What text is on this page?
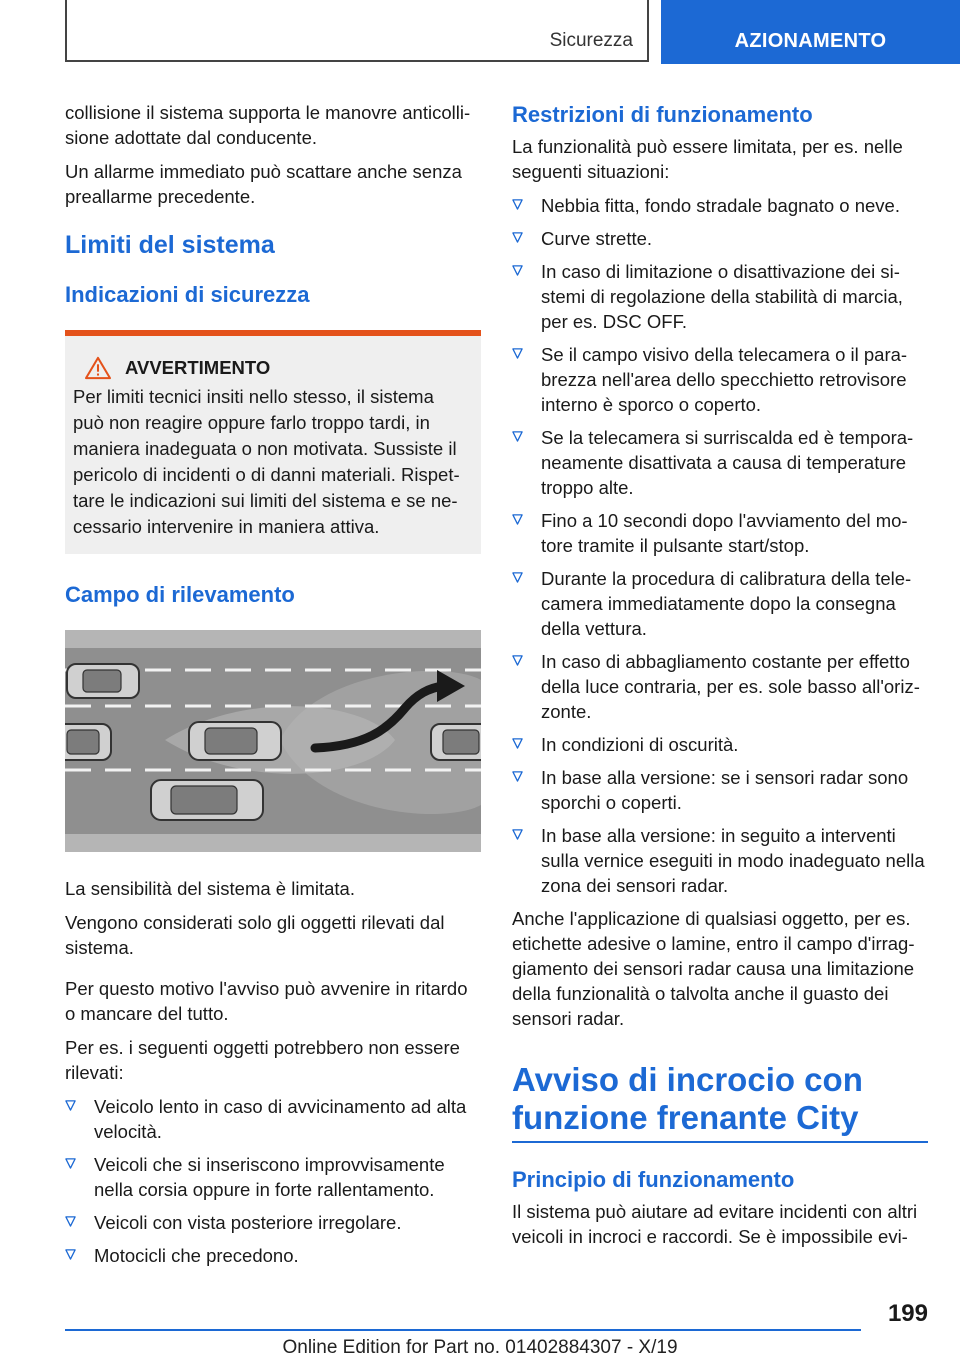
Sicurezza	AZIONAMENTO

collisione il sistema supporta le manovre anticolli-sione adottate dal conducente.

Un allarme immediato può scattare anche senza preallarme precedente.

Limiti del sistema
Indicazioni di sicurezza
AVVERTIMENTO

Per limiti tecnici insiti nello stesso, il sistema può non reagire oppure farlo troppo tardi, in maniera inadeguata o non motivata. Sussiste il pericolo di incidenti o di danni materiali. Rispet-tare le indicazioni sui limiti del sistema e se ne-cessario intervenire in maniera attiva.

Campo di rilevamento

La sensibilità del sistema è limitata.

Vengono considerati solo gli oggetti rilevati dal sistema.

Per questo motivo l'avviso può avvenire in ritardo o mancare del tutto.

Per es. i seguenti oggetti potrebbero non essere rilevati:

Veicolo lento in caso di avvicinamento ad alta velocità.
Veicoli che si inseriscono improvvisamente nella corsia oppure in forte rallentamento.
Veicoli con vista posteriore irregolare.
Motocicli che precedono.
Restrizioni di funzionamento

La funzionalità può essere limitata, per es. nelle seguenti situazioni:

Nebbia fitta, fondo stradale bagnato o neve.
Curve strette.
In caso di limitazione o disattivazione dei si-stemi di regolazione della stabilità di marcia, per es. DSC OFF.
Se il campo visivo della telecamera o il para-brezza nell'area dello specchietto retrovisore interno è sporco o coperto.
Se la telecamera si surriscalda ed è tempora-neamente disattivata a causa di temperature troppo alte.
Fino a 10 secondi dopo l'avviamento del mo-tore tramite il pulsante start/stop.
Durante la procedura di calibratura della tele-camera immediatamente dopo la consegna della vettura.
In caso di abbagliamento costante per effetto della luce contraria, per es. sole basso all'oriz-zonte.
In condizioni di oscurità.
In base alla versione: se i sensori radar sono sporchi o coperti.
In base alla versione: in seguito a interventi sulla vernice eseguiti in modo inadeguato nella zona dei sensori radar.

Anche l'applicazione di qualsiasi oggetto, per es. etichette adesive o lamine, entro il campo d'irrag-giamento dei sensori radar causa una limitazione della funzionalità o talvolta anche il guasto dei sensori radar.

Avviso di incrocio con
funzione frenante City
Principio di funzionamento

Il sistema può aiutare ad evitare incidenti con altri veicoli in incroci e raccordi. Se è impossibile evi-

199
Online Edition for Part no. 01402884307 - X/19
